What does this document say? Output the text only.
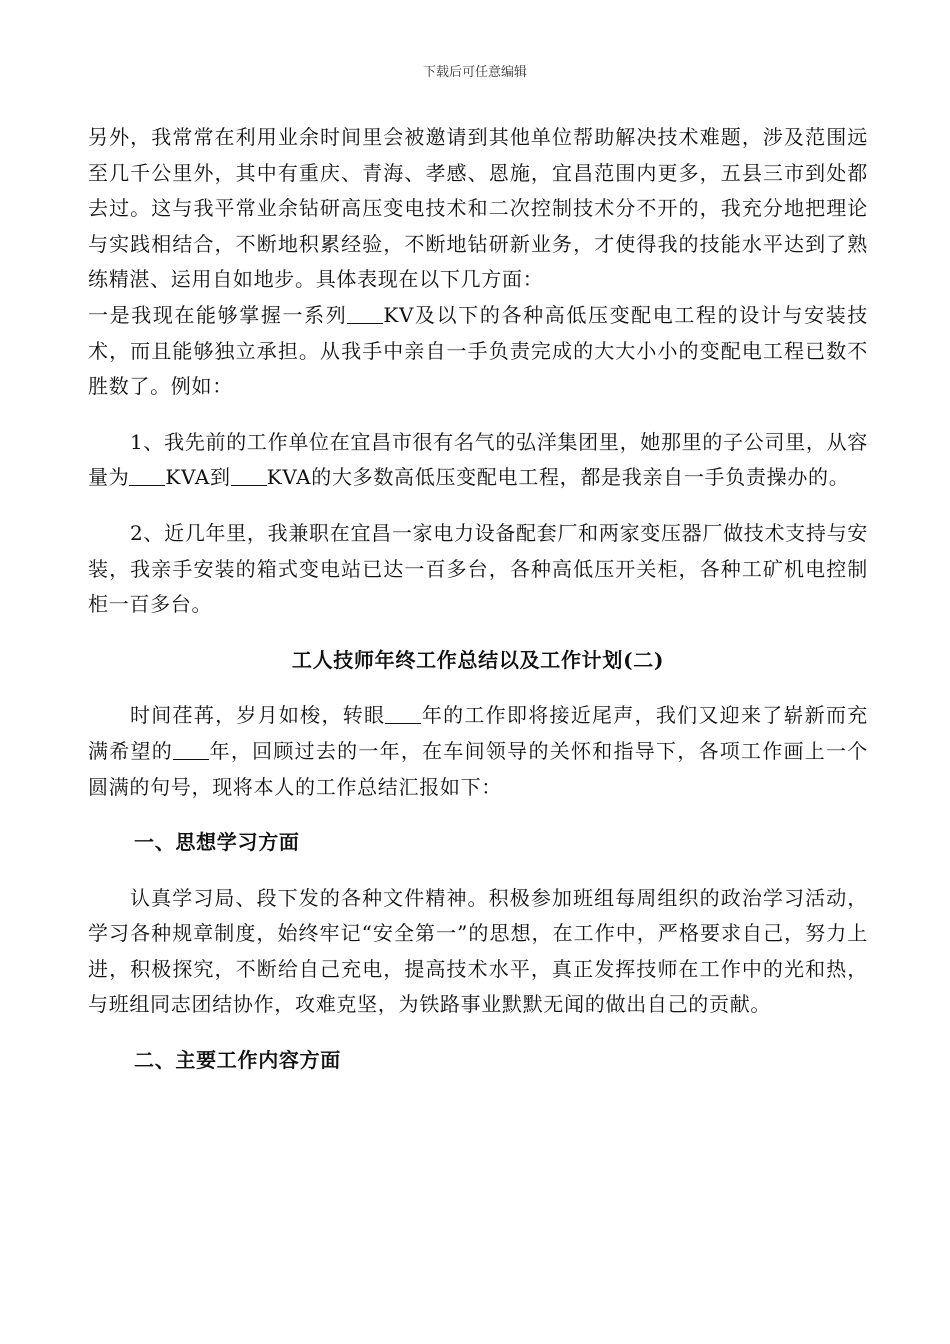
下载后可任意编辑

另外，我常常在利用业余时间里会被邀请到其他单位帮助解决技术难题，涉及范围远至几千公里外，其中有重庆、青海、孝感、恩施，宜昌范围内更多，五县三市到处都去过。这与我平常业余钻研高压变电技术和二次控制技术分不开的，我充分地把理论与实践相结合，不断地积累经验，不断地钻研新业务，才使得我的技能水平达到了熟练精湛、运用自如地步。具体表现在以下几方面：

一是我现在能够掌握一系列 KV及以下的各种高低压变配电工程的设计与安装技术，而且能够独立承担。从我手中亲自一手负责完成的大大小小的变配电工程已数不胜数了。例如：

1、我先前的工作单位在宜昌市很有名气的弘洋集团里，她那里的子公司里，从容量为 KVA到 KVA的大多数高低压变配电工程，都是我亲自一手负责操办的。

2、近几年里，我兼职在宜昌一家电力设备配套厂和两家变压器厂做技术支持与安装，我亲手安装的箱式变电站已达一百多台，各种高低压开关柜，各种工矿机电控制柜一百多台。

工人技师年终工作总结以及工作计划(二)

时间荏苒，岁月如梭，转眼 年的工作即将接近尾声，我们又迎来了崭新而充满希望的 年，回顾过去的一年，在车间领导的关怀和指导下，各项工作画上一个圆满的句号，现将本人的工作总结汇报如下：

一、思想学习方面

认真学习局、段下发的各种文件精神。积极参加班组每周组织的政治学习活动，学习各种规章制度，始终牢记“安全第一”的思想，在工作中，严格要求自己，努力上进，积极探究，不断给自己充电，提高技术水平，真正发挥技师在工作中的光和热，与班组同志团结协作，攻难克坚，为铁路事业默默无闻的做出自己的贡献。

二、主要工作内容方面
